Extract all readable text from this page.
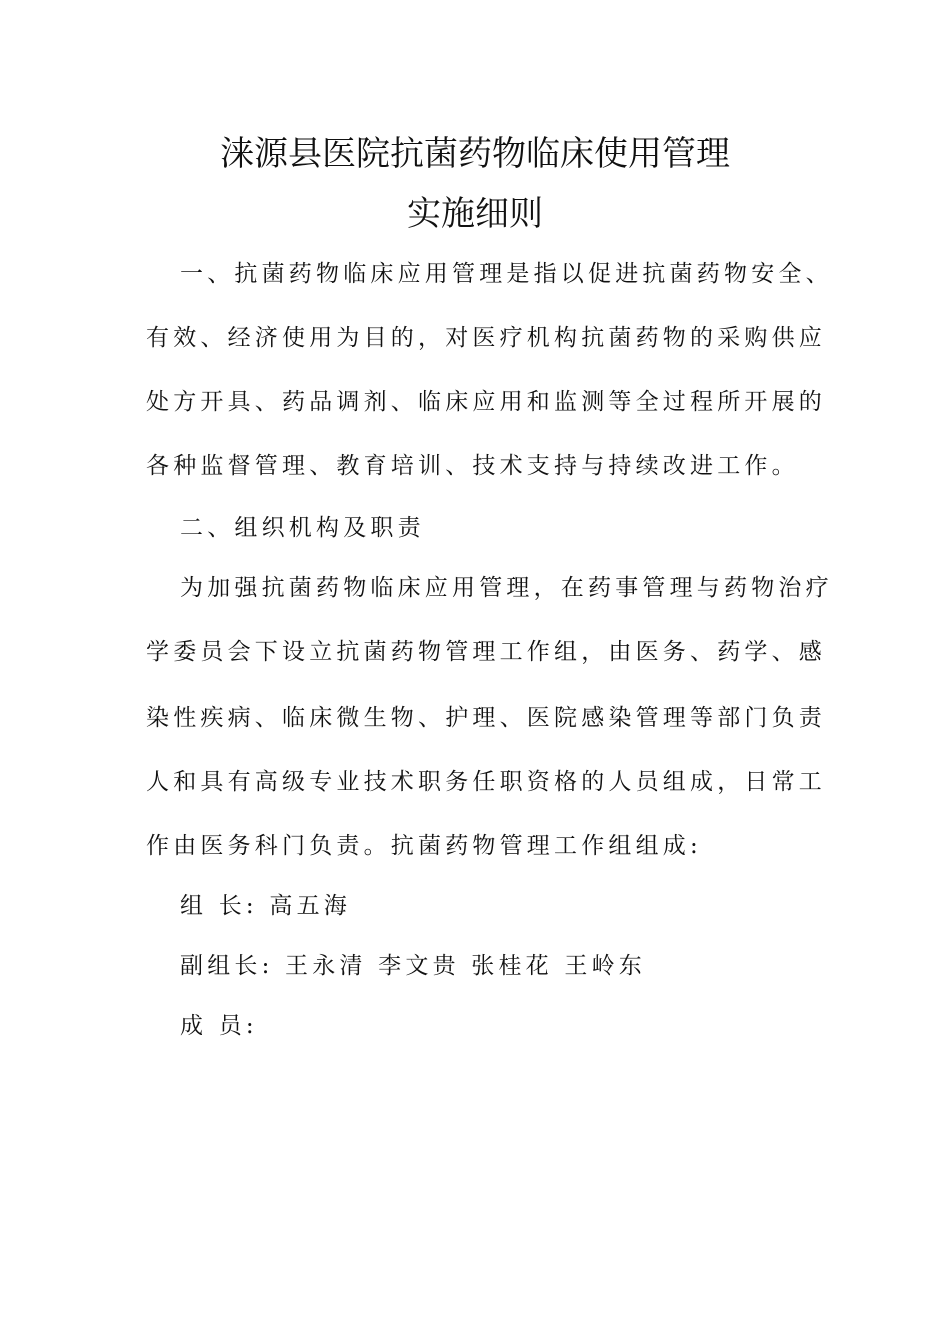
涞源县医院抗菌药物临床使用管理
实施细则

一、抗菌药物临床应用管理是指以促进抗菌药物安全、

有效、经济使用为目的，对医疗机构抗菌药物的采购供应

处方开具、药品调剂、临床应用和监测等全过程所开展的

各种监督管理、教育培训、技术支持与持续改进工作。

二、组织机构及职责

为加强抗菌药物临床应用管理，在药事管理与药物治疗

学委员会下设立抗菌药物管理工作组，由医务、药学、感

染性疾病、临床微生物、护理、医院感染管理等部门负责

人和具有高级专业技术职务任职资格的人员组成，日常工

作由医务科门负责。抗菌药物管理工作组组成:

组 长: 高五海

副组长: 王永清 李文贵 张桂花 王岭东

成 员:
